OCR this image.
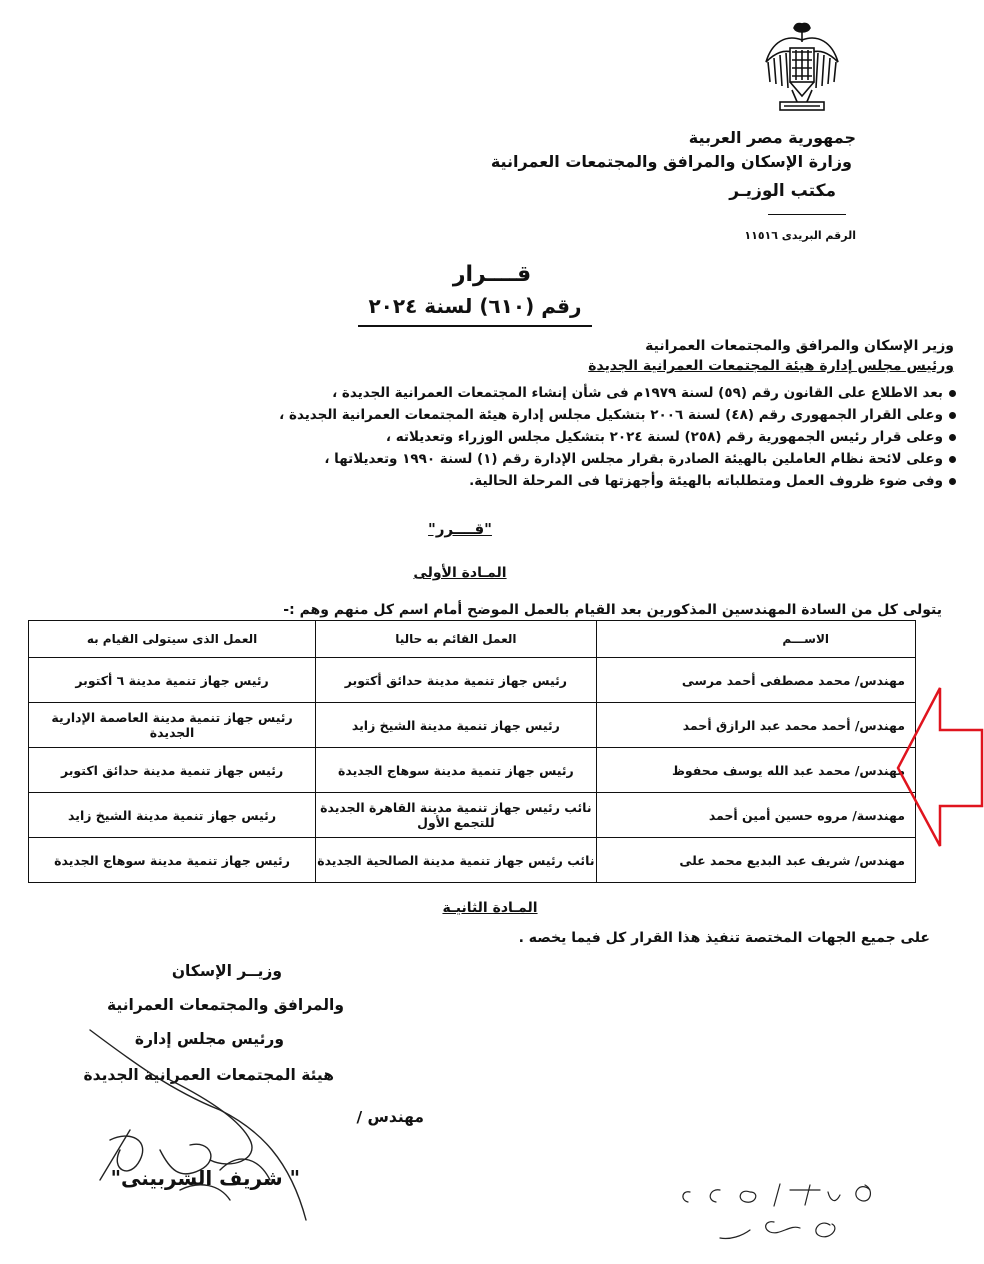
جمهورية مصر العربية
وزارة الإسكان والمرافق والمجتمعات العمرانية
مكتب الوزيـر
الرقم البريدى ١١٥١٦
قــــرار
رقم (٦١٠) لسنة ٢٠٢٤
وزير الإسكان والمرافق والمجتمعات العمرانية
ورئيس مجلس إدارة هيئة المجتمعات العمرانية الجديدة
بعد الاطلاع على القانون رقم (٥٩) لسنة ١٩٧٩م فى شأن إنشاء المجتمعات العمرانية الجديدة ،
وعلى القرار الجمهورى رقم (٤٨) لسنة ٢٠٠٦ بتشكيل مجلس إدارة هيئة المجتمعات العمرانية الجديدة ،
وعلى قرار رئيس الجمهورية رقم (٢٥٨) لسنة ٢٠٢٤ بتشكيل مجلس الوزراء وتعديلاته ،
وعلى لائحة نظام العاملين بالهيئة الصادرة بقرار مجلس الإدارة رقم (١) لسنة ١٩٩٠ وتعديلاتها ،
وفى ضوء ظروف العمل ومتطلباته بالهيئة وأجهزتها فى المرحلة الحالية.
"قــــرر"
المـادة الأولى
يتولى كل من السادة المهندسين المذكورين بعد القيام بالعمل الموضح أمام اسم كل منهم وهم :-
الاســـم	العمل القائم به حاليا	العمل الذى سيتولى القيام به
مهندس/ محمد مصطفى أحمد مرسى	رئيس جهاز تنمية مدينة حدائق أكتوبر	رئيس جهاز تنمية مدينة ٦ أكتوبر
مهندس/ أحمد محمد عبد الرازق أحمد	رئيس جهاز تنمية مدينة الشيخ زايد	رئيس جهاز تنمية مدينة العاصمة الإدارية الجديدة
مهندس/ محمد عبد الله يوسف محفوظ	رئيس جهاز تنمية مدينة سوهاج الجديدة	رئيس جهاز تنمية مدينة حدائق اكتوبر
مهندسة/ مروه حسين أمين أحمد	نائب رئيس جهاز تنمية مدينة القاهرة الجديدة للتجمع الأول	رئيس جهاز تنمية مدينة الشيخ زايد
مهندس/ شريف عبد البديع محمد على	نائب رئيس جهاز تنمية مدينة الصالحية الجديدة	رئيس جهاز تنمية مدينة سوهاج الجديدة
المـادة الثانيـة
على جميع الجهات المختصة تنفيذ هذا القرار كل فيما يخصه .
وزيــر الإسكان
والمرافق والمجتمعات العمرانية
ورئيس مجلس إدارة
هيئة المجتمعات العمرانية الجديدة
مهندس /
" شريف الشربينى"
